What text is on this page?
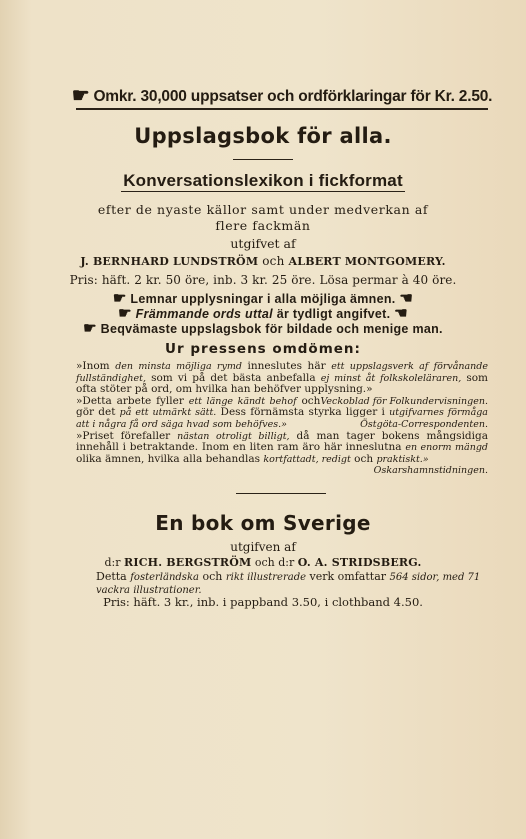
☛ Omkr. 30,000 uppsatser och ordförklaringar för Kr. 2.50.
Uppslagsbok för alla.
Konversationslexikon i fickformat
efter de nyaste källor samt under medverkan af
flere fackmän
utgifvet af
J. BERNHARD LUNDSTRÖM och ALBERT MONTGOMERY.
Pris: häft. 2 kr. 50 öre, inb. 3 kr. 25 öre. Lösa permar à 40 öre.
☛ Lemnar upplysningar i alla möjliga ämnen. ☚
☛ Främmande ords uttal är tydligt angifvet. ☚
☛ Beqvämaste uppslagsbok för bildade och menige man.
Ur pressens omdömen:

»Inom den minsta möjliga rymd inneslutes här ett uppslagsverk af förvånande fullständighet, som vi på det bästa anbefalla ej minst åt folkskoleläraren, som ofta stöter på ord, om hvilka han behöfver upplysning.»
Veckoblad för Folkundervisningen.

»Detta arbete fyller ett länge kändt behof och gör det på ett utmärkt sätt. Dess förnämsta styrka ligger i utgifvarnes förmåga att i några få ord säga hvad som behöfves.»	Östgöta-Correspondenten.

»Priset förefaller nästan otroligt billigt, då man tager bokens mångsidiga innehåll i betraktande. Inom en liten ram äro här inneslutna en enorm mängd olika ämnen, hvilka alla behandlas kortfattadt, redigt och praktiskt.»
Oskarshamnstidningen.

En bok om Sverige
utgifven af
d:r RICH. BERGSTRÖM och d:r O. A. STRIDSBERG.
Detta fosterländska och rikt illustrerade verk omfattar 564 sidor, med 71 vackra illustrationer.
Pris: häft. 3 kr., inb. i pappband 3.50, i clothband 4.50.
